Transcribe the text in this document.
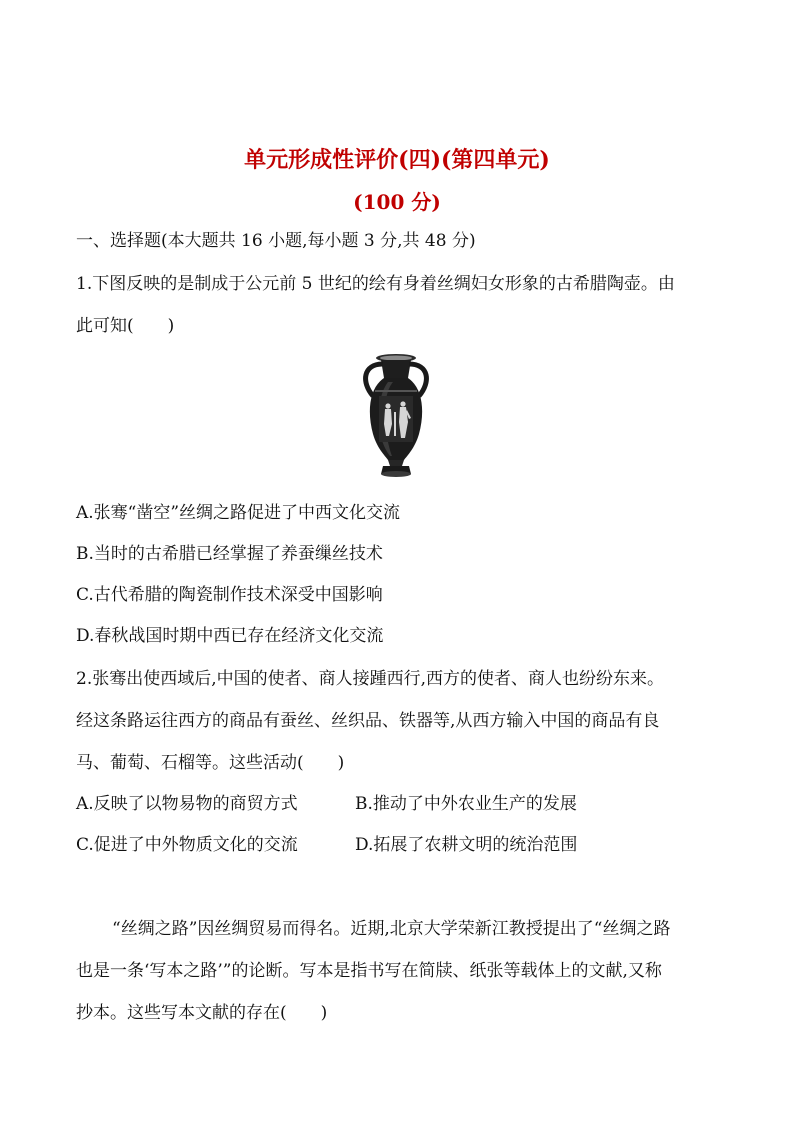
单元形成性评价(四)(第四单元)
(100 分)
一、选择题(本大题共 16 小题,每小题 3 分,共 48 分)
1.下图反映的是制成于公元前 5 世纪的绘有身着丝绸妇女形象的古希腊陶壶。由
此可知(　　)
A.张骞“凿空”丝绸之路促进了中西文化交流
B.当时的古希腊已经掌握了养蚕缫丝技术
C.古代希腊的陶瓷制作技术深受中国影响
D.春秋战国时期中西已存在经济文化交流
2.张骞出使西域后,中国的使者、商人接踵西行,西方的使者、商人也纷纷东来。
经这条路运往西方的商品有蚕丝、丝织品、铁器等,从西方输入中国的商品有良
马、葡萄、石榴等。这些活动(　　)
A.反映了以物易物的商贸方式	B.推动了中外农业生产的发展
C.促进了中外物质文化的交流	D.拓展了农耕文明的统治范围
“丝绸之路”因丝绸贸易而得名。近期,北京大学荣新江教授提出了“丝绸之路
也是一条‘写本之路’”的论断。写本是指书写在简牍、纸张等载体上的文献,又称
抄本。这些写本文献的存在(　　)
